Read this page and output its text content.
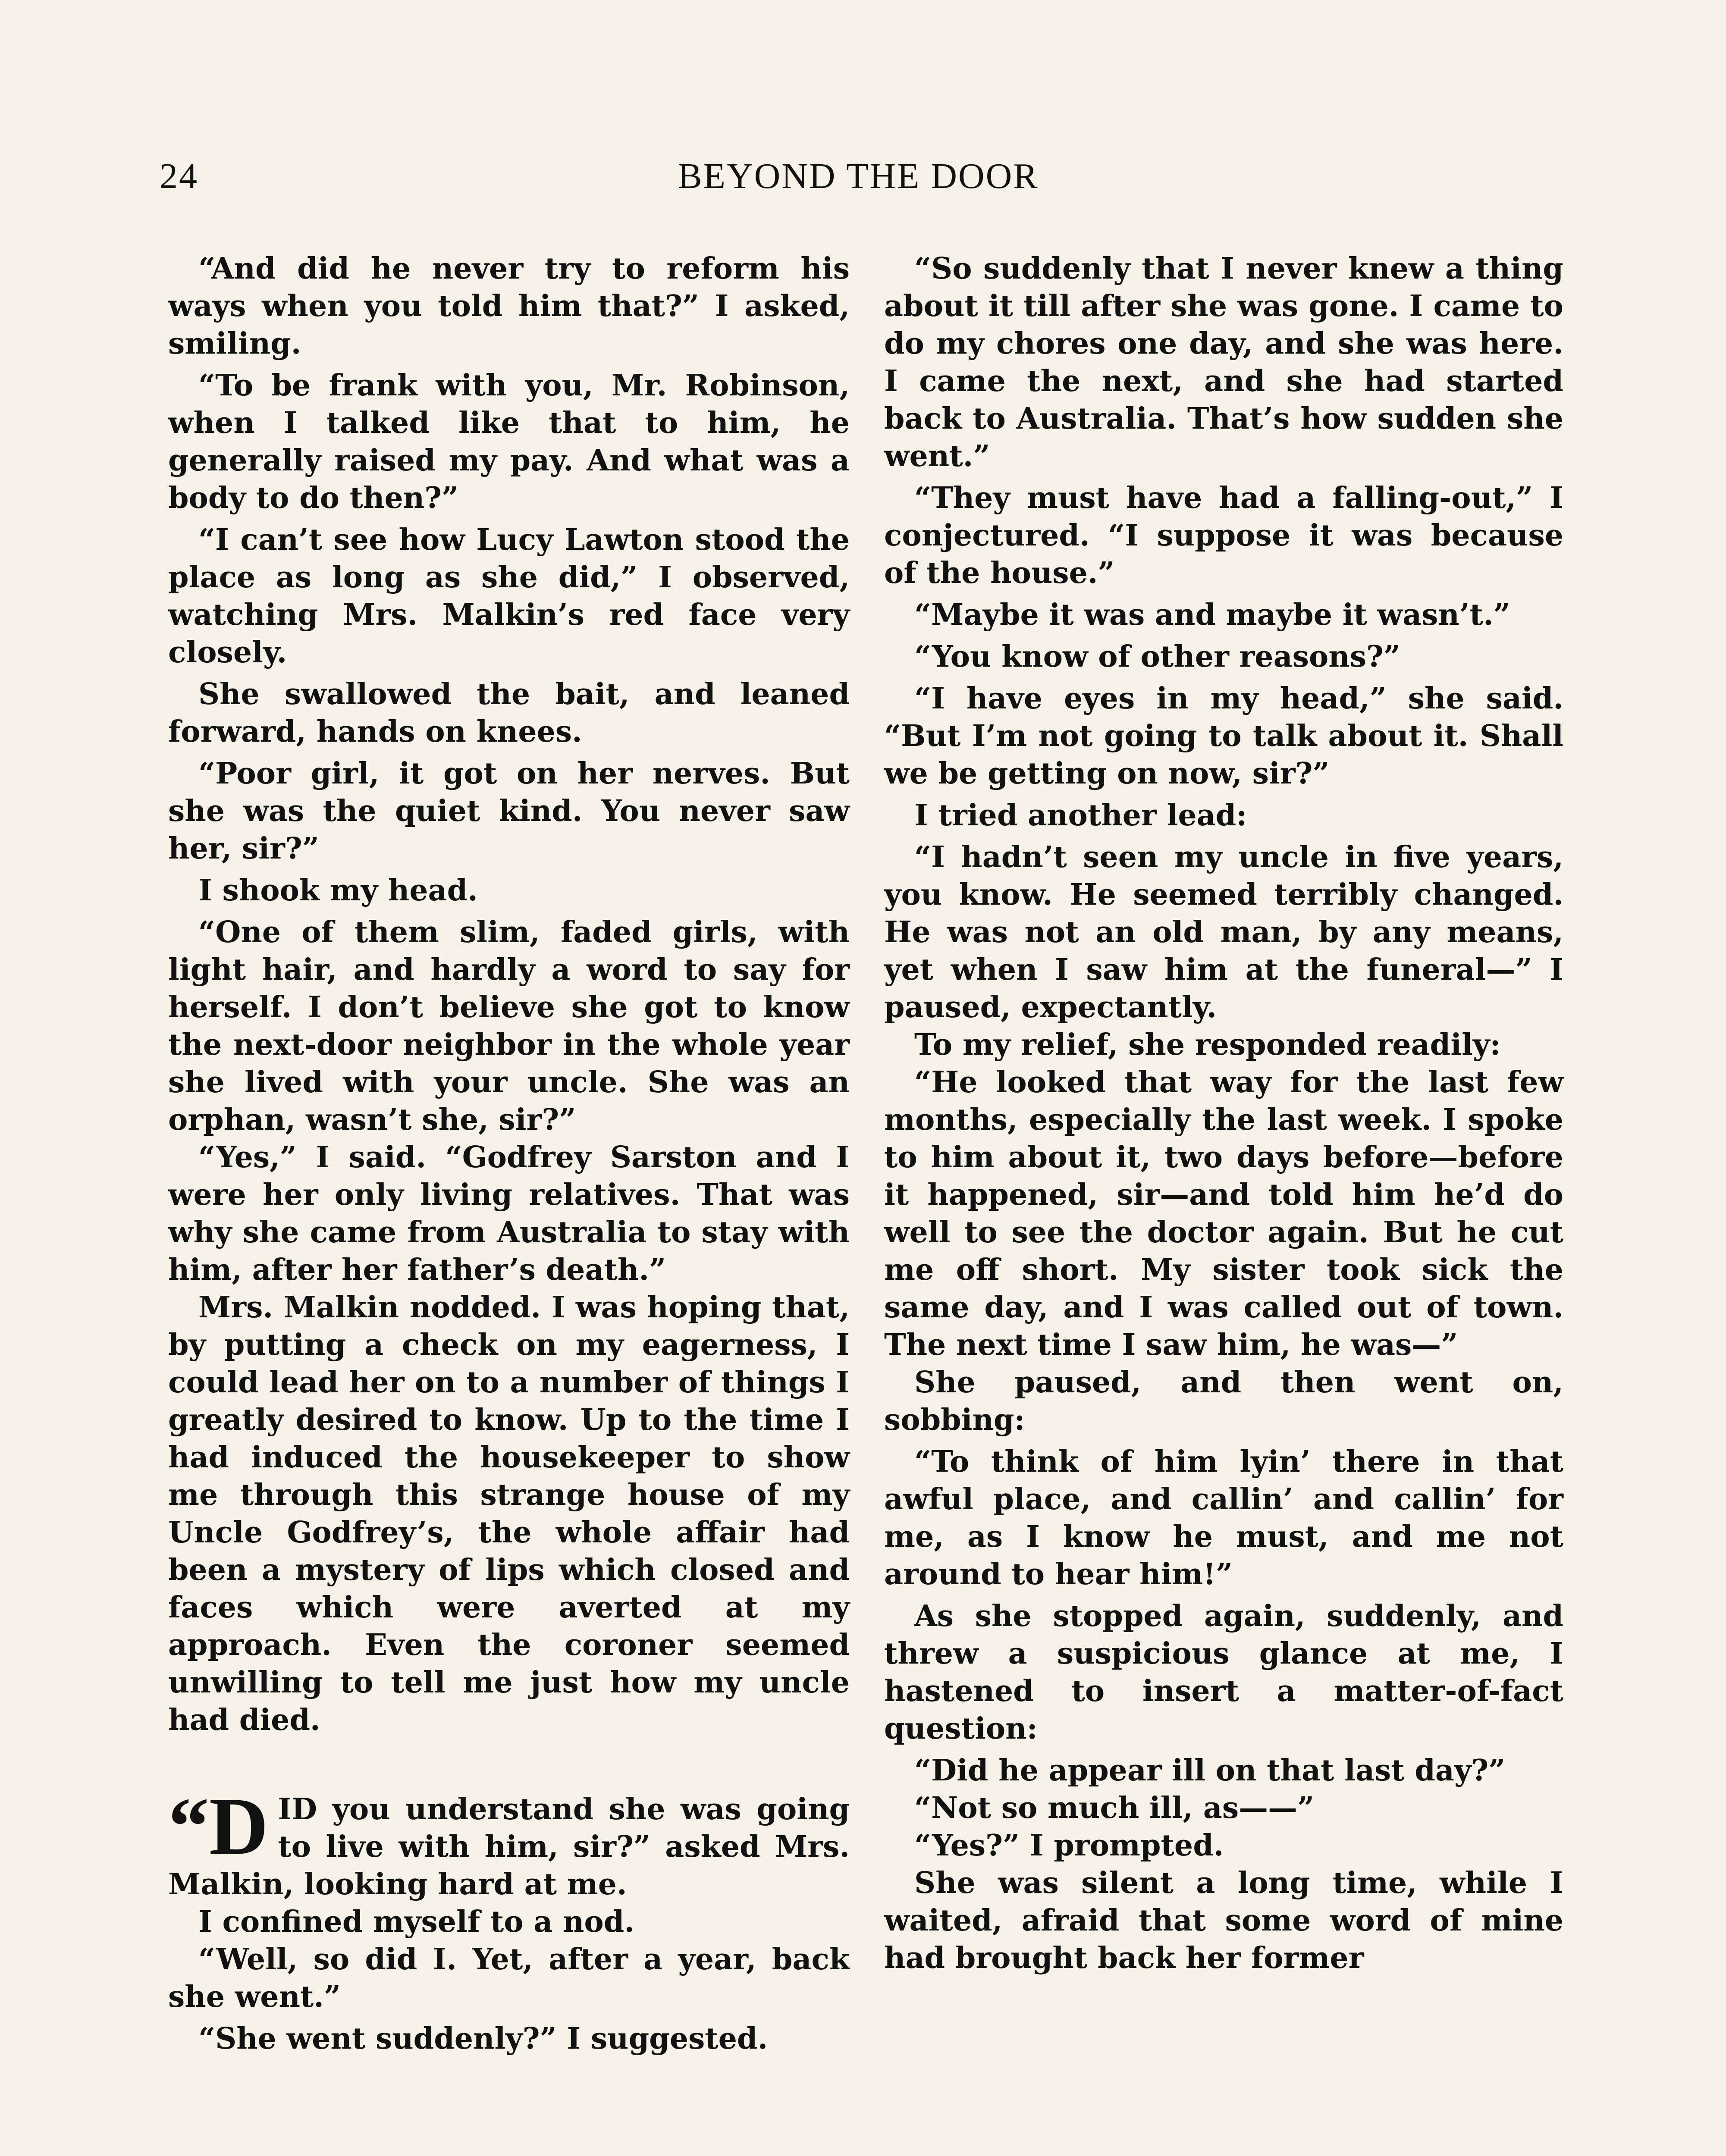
24	BEYOND THE DOOR

“And did he never try to reform his ways when you told him that?” I asked, smiling.

“To be frank with you, Mr. Robinson, when I talked like that to him, he generally raised my pay. And what was a body to do then?”

“I can’t see how Lucy Lawton stood the place as long as she did,” I observed, watching Mrs. Malkin’s red face very closely.

She swallowed the bait, and leaned forward, hands on knees.

“Poor girl, it got on her nerves. But she was the quiet kind. You never saw her, sir?”

I shook my head.

“One of them slim, faded girls, with light hair, and hardly a word to say for herself. I don’t believe she got to know the next-door neighbor in the whole year she lived with your uncle. She was an orphan, wasn’t she, sir?”

“Yes,” I said. “Godfrey Sarston and I were her only living relatives. That was why she came from Australia to stay with him, after her father’s death.”

Mrs. Malkin nodded. I was hoping that, by putting a check on my eagerness, I could lead her on to a number of things I greatly desired to know. Up to the time I had induced the housekeeper to show me through this strange house of my Uncle Godfrey’s, the whole affair had been a mystery of lips which closed and faces which were averted at my approach. Even the coroner seemed unwilling to tell me just how my uncle had died.

“DID you understand she was going to live with him, sir?” asked Mrs. Malkin, looking hard at me.

I confined myself to a nod.

“Well, so did I. Yet, after a year, back she went.”

“She went suddenly?” I suggested.

“So suddenly that I never knew a thing about it till after she was gone. I came to do my chores one day, and she was here. I came the next, and she had started back to Australia. That’s how sudden she went.”

“They must have had a falling-out,” I conjectured. “I suppose it was because of the house.”

“Maybe it was and maybe it wasn’t.”

“You know of other reasons?”

“I have eyes in my head,” she said. “But I’m not going to talk about it. Shall we be getting on now, sir?”

I tried another lead:

“I hadn’t seen my uncle in five years, you know. He seemed terribly changed. He was not an old man, by any means, yet when I saw him at the funeral—” I paused, expectantly.

To my relief, she responded readily:

“He looked that way for the last few months, especially the last week. I spoke to him about it, two days before—before it happened, sir—and told him he’d do well to see the doctor again. But he cut me off short. My sister took sick the same day, and I was called out of town. The next time I saw him, he was—”

She paused, and then went on, sobbing:

“To think of him lyin’ there in that awful place, and callin’ and callin’ for me, as I know he must, and me not around to hear him!”

As she stopped again, suddenly, and threw a suspicious glance at me, I hastened to insert a matter-of-fact question:

“Did he appear ill on that last day?”

“Not so much ill, as——”

“Yes?” I prompted.

She was silent a long time, while I waited, afraid that some word of mine had brought back her former
